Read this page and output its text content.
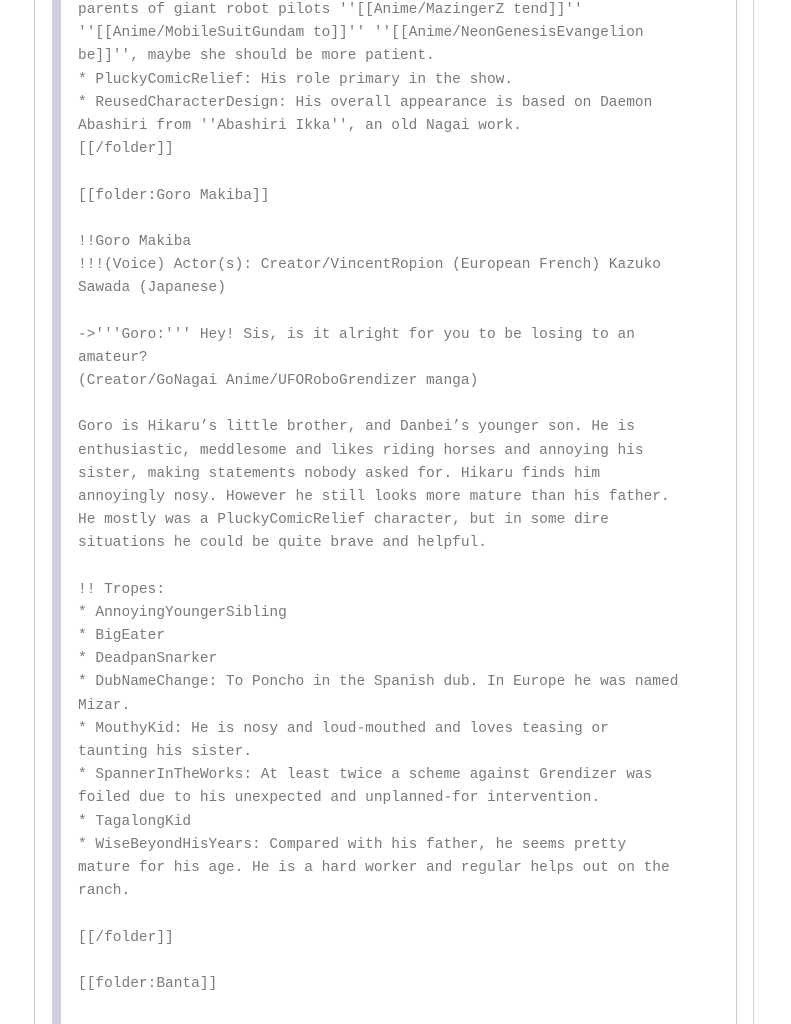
parents of giant robot pilots ''[[Anime/MazingerZ tend]]''
''[[Anime/MobileSuitGundam to]]'' ''[[Anime/NeonGenesisEvangelion
be]]'', maybe she should be more patient.
* PluckyComicRelief: His role primary in the show.
* ReusedCharacterDesign: His overall appearance is based on Daemon
Abashiri from ''Abashiri Ikka'', an old Nagai work.
[[/folder]]
[[folder:Goro Makiba]]
!!Goro Makiba
!!!(Voice) Actor(s): Creator/VincentRopion (European French) Kazuko
Sawada (Japanese)
->'''Goro:''' Hey! Sis, is it alright for you to be losing to an
amateur?
(Creator/GoNagai Anime/UFORoboGrendizer manga)
Goro is Hikaru’s little brother, and Danbei’s younger son. He is
enthusiastic, meddlesome and likes riding horses and annoying his
sister, making statements nobody asked for. Hikaru finds him
annoyingly nosy. However he still looks more mature than his father.
He mostly was a PluckyComicRelief character, but in some dire
situations he could be quite brave and helpful.
!! Tropes:
* AnnoyingYoungerSibling
* BigEater
* DeadpanSnarker
* DubNameChange: To Poncho in the Spanish dub. In Europe he was named
Mizar.
* MouthyKid: He is nosy and loud-mouthed and loves teasing or
taunting his sister.
* SpannerInTheWorks: At least twice a scheme against Grendizer was
foiled due to his unexpected and unplanned-for intervention.
* TagalongKid
* WiseBeyondHisYears: Compared with his father, he seems pretty
mature for his age. He is a hard worker and regular helps out on the
ranch.
[[/folder]]
[[folder:Banta]]
